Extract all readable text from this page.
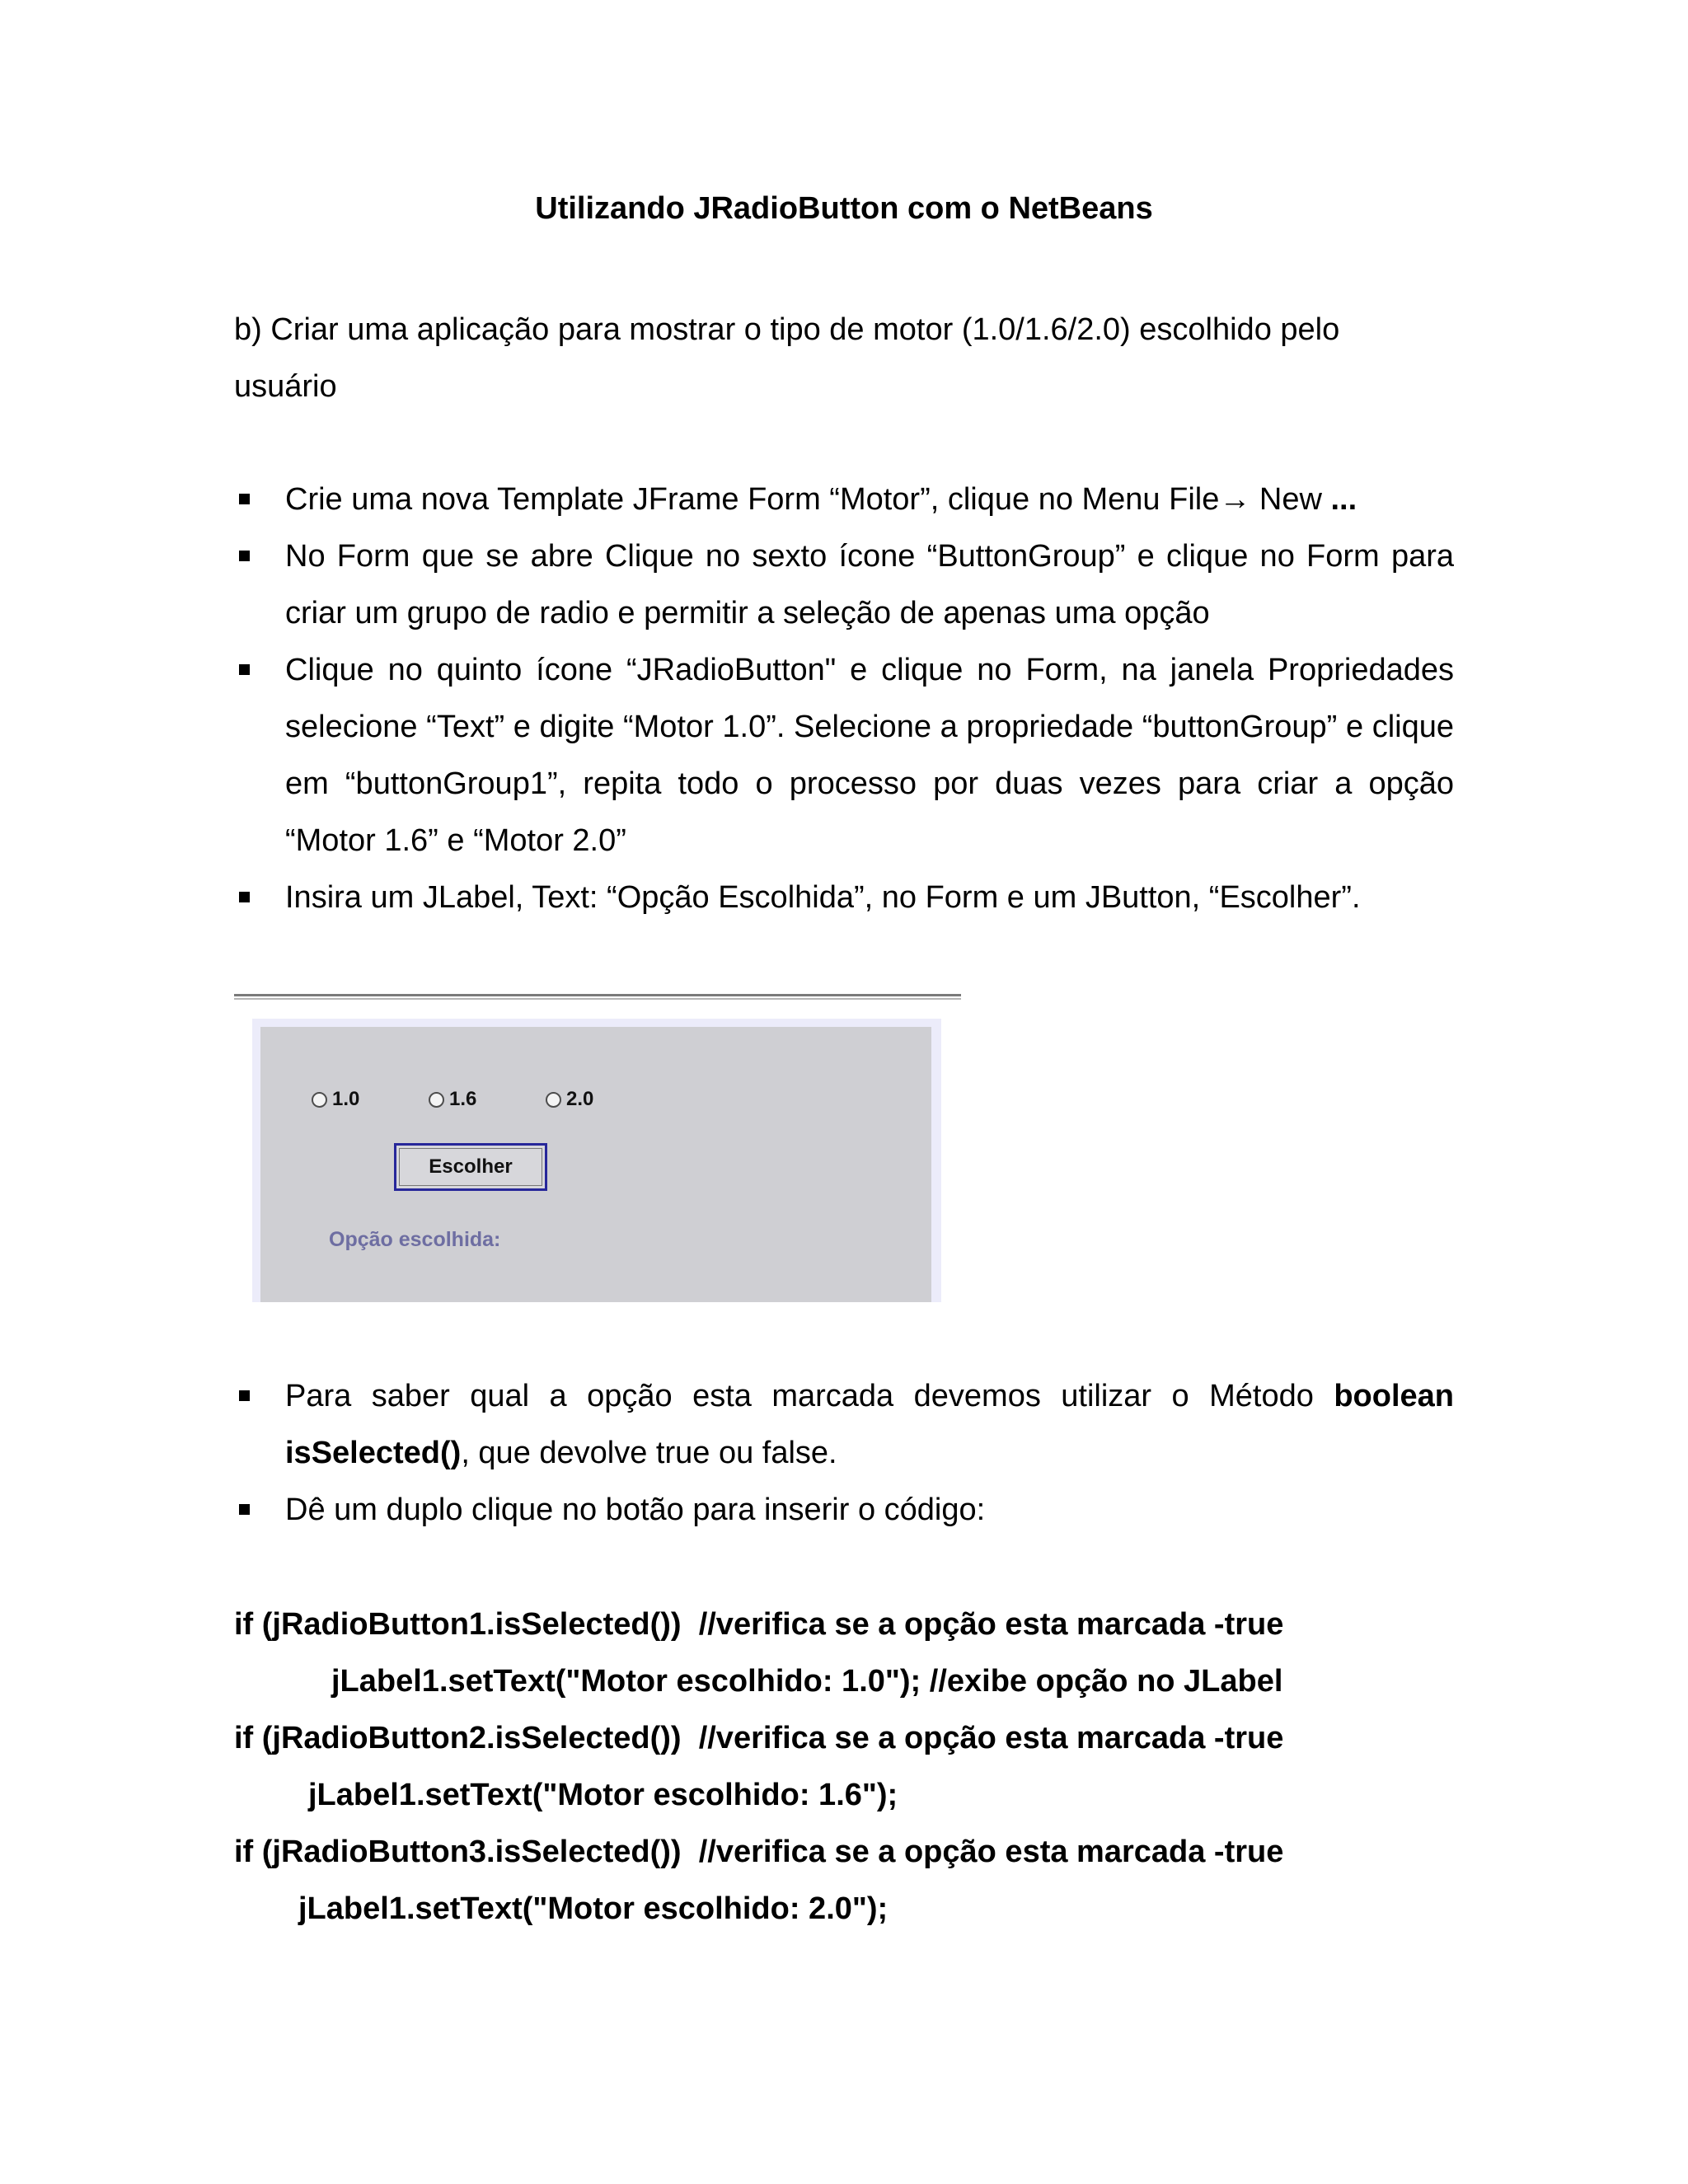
Utilizando JRadioButton com o NetBeans
b) Criar uma aplicação para mostrar o tipo de motor (1.0/1.6/2.0) escolhido pelo
usuário
Crie uma nova Template JFrame Form “Motor”, clique no Menu File→ New ...
No Form que se abre Clique no sexto ícone “ButtonGroup” e clique no Form para criar um grupo de radio e permitir a seleção de apenas uma opção
Clique no quinto ícone “JRadioButton" e clique no Form, na janela Propriedades selecione “Text” e digite “Motor 1.0”. Selecione a propriedade “buttonGroup” e clique em “buttonGroup1”, repita todo o processo por duas vezes para criar a opção “Motor 1.6” e “Motor 2.0”
Insira um JLabel, Text: “Opção Escolhida”, no Form e um JButton, “Escolher”.
1.0	1.6	2.0
Escolher
Opção escolhida:
Para saber qual a opção esta marcada devemos utilizar o Método boolean isSelected(), que devolve true ou false.
Dê um duplo clique no botão para inserir o código:
if (jRadioButton1.isSelected())  //verifica se a opção esta marcada -true
jLabel1.setText("Motor escolhido: 1.0"); //exibe opção no JLabel
if (jRadioButton2.isSelected())  //verifica se a opção esta marcada -true
jLabel1.setText("Motor escolhido: 1.6");
if (jRadioButton3.isSelected())  //verifica se a opção esta marcada -true
jLabel1.setText("Motor escolhido: 2.0");
